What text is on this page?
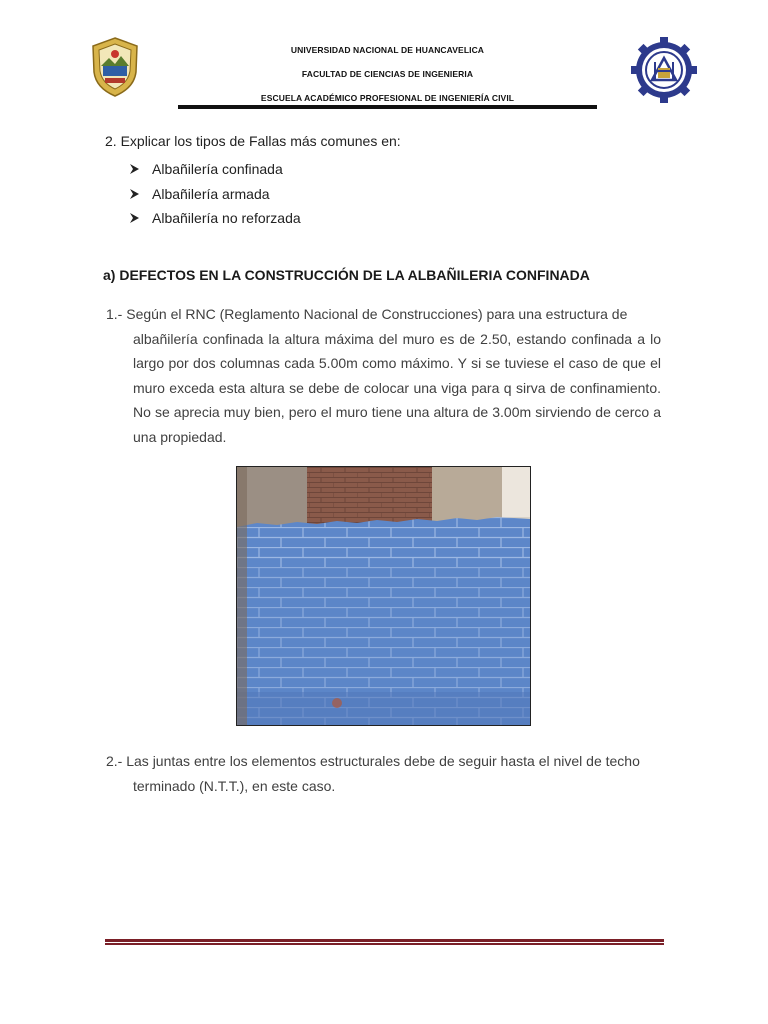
UNIVERSIDAD NACIONAL DE HUANCAVELICA
FACULTAD DE CIENCIAS DE INGENIERIA
ESCUELA ACADÉMICO PROFESIONAL DE INGENIERÍA CIVIL
2. Explicar los tipos de Fallas más comunes en:
Albañilería confinada
Albañilería armada
Albañilería no reforzada
a) DEFECTOS EN LA CONSTRUCCIÓN DE LA ALBAÑILERIA CONFINADA
1.- Según el RNC (Reglamento Nacional de Construcciones) para una estructura de
albañilería confinada la altura máxima del muro es de 2.50, estando confinada a lo largo por dos columnas cada 5.00m como máximo. Y si se tuviese el caso de que el muro exceda esta altura se debe de colocar una viga para q sirva de confinamiento. No se aprecia muy bien, pero el muro tiene una altura de 3.00m sirviendo de cerco a una propiedad.
2.- Las juntas entre los elementos estructurales debe de seguir hasta el nivel de techo
terminado (N.T.T.), en este caso.
